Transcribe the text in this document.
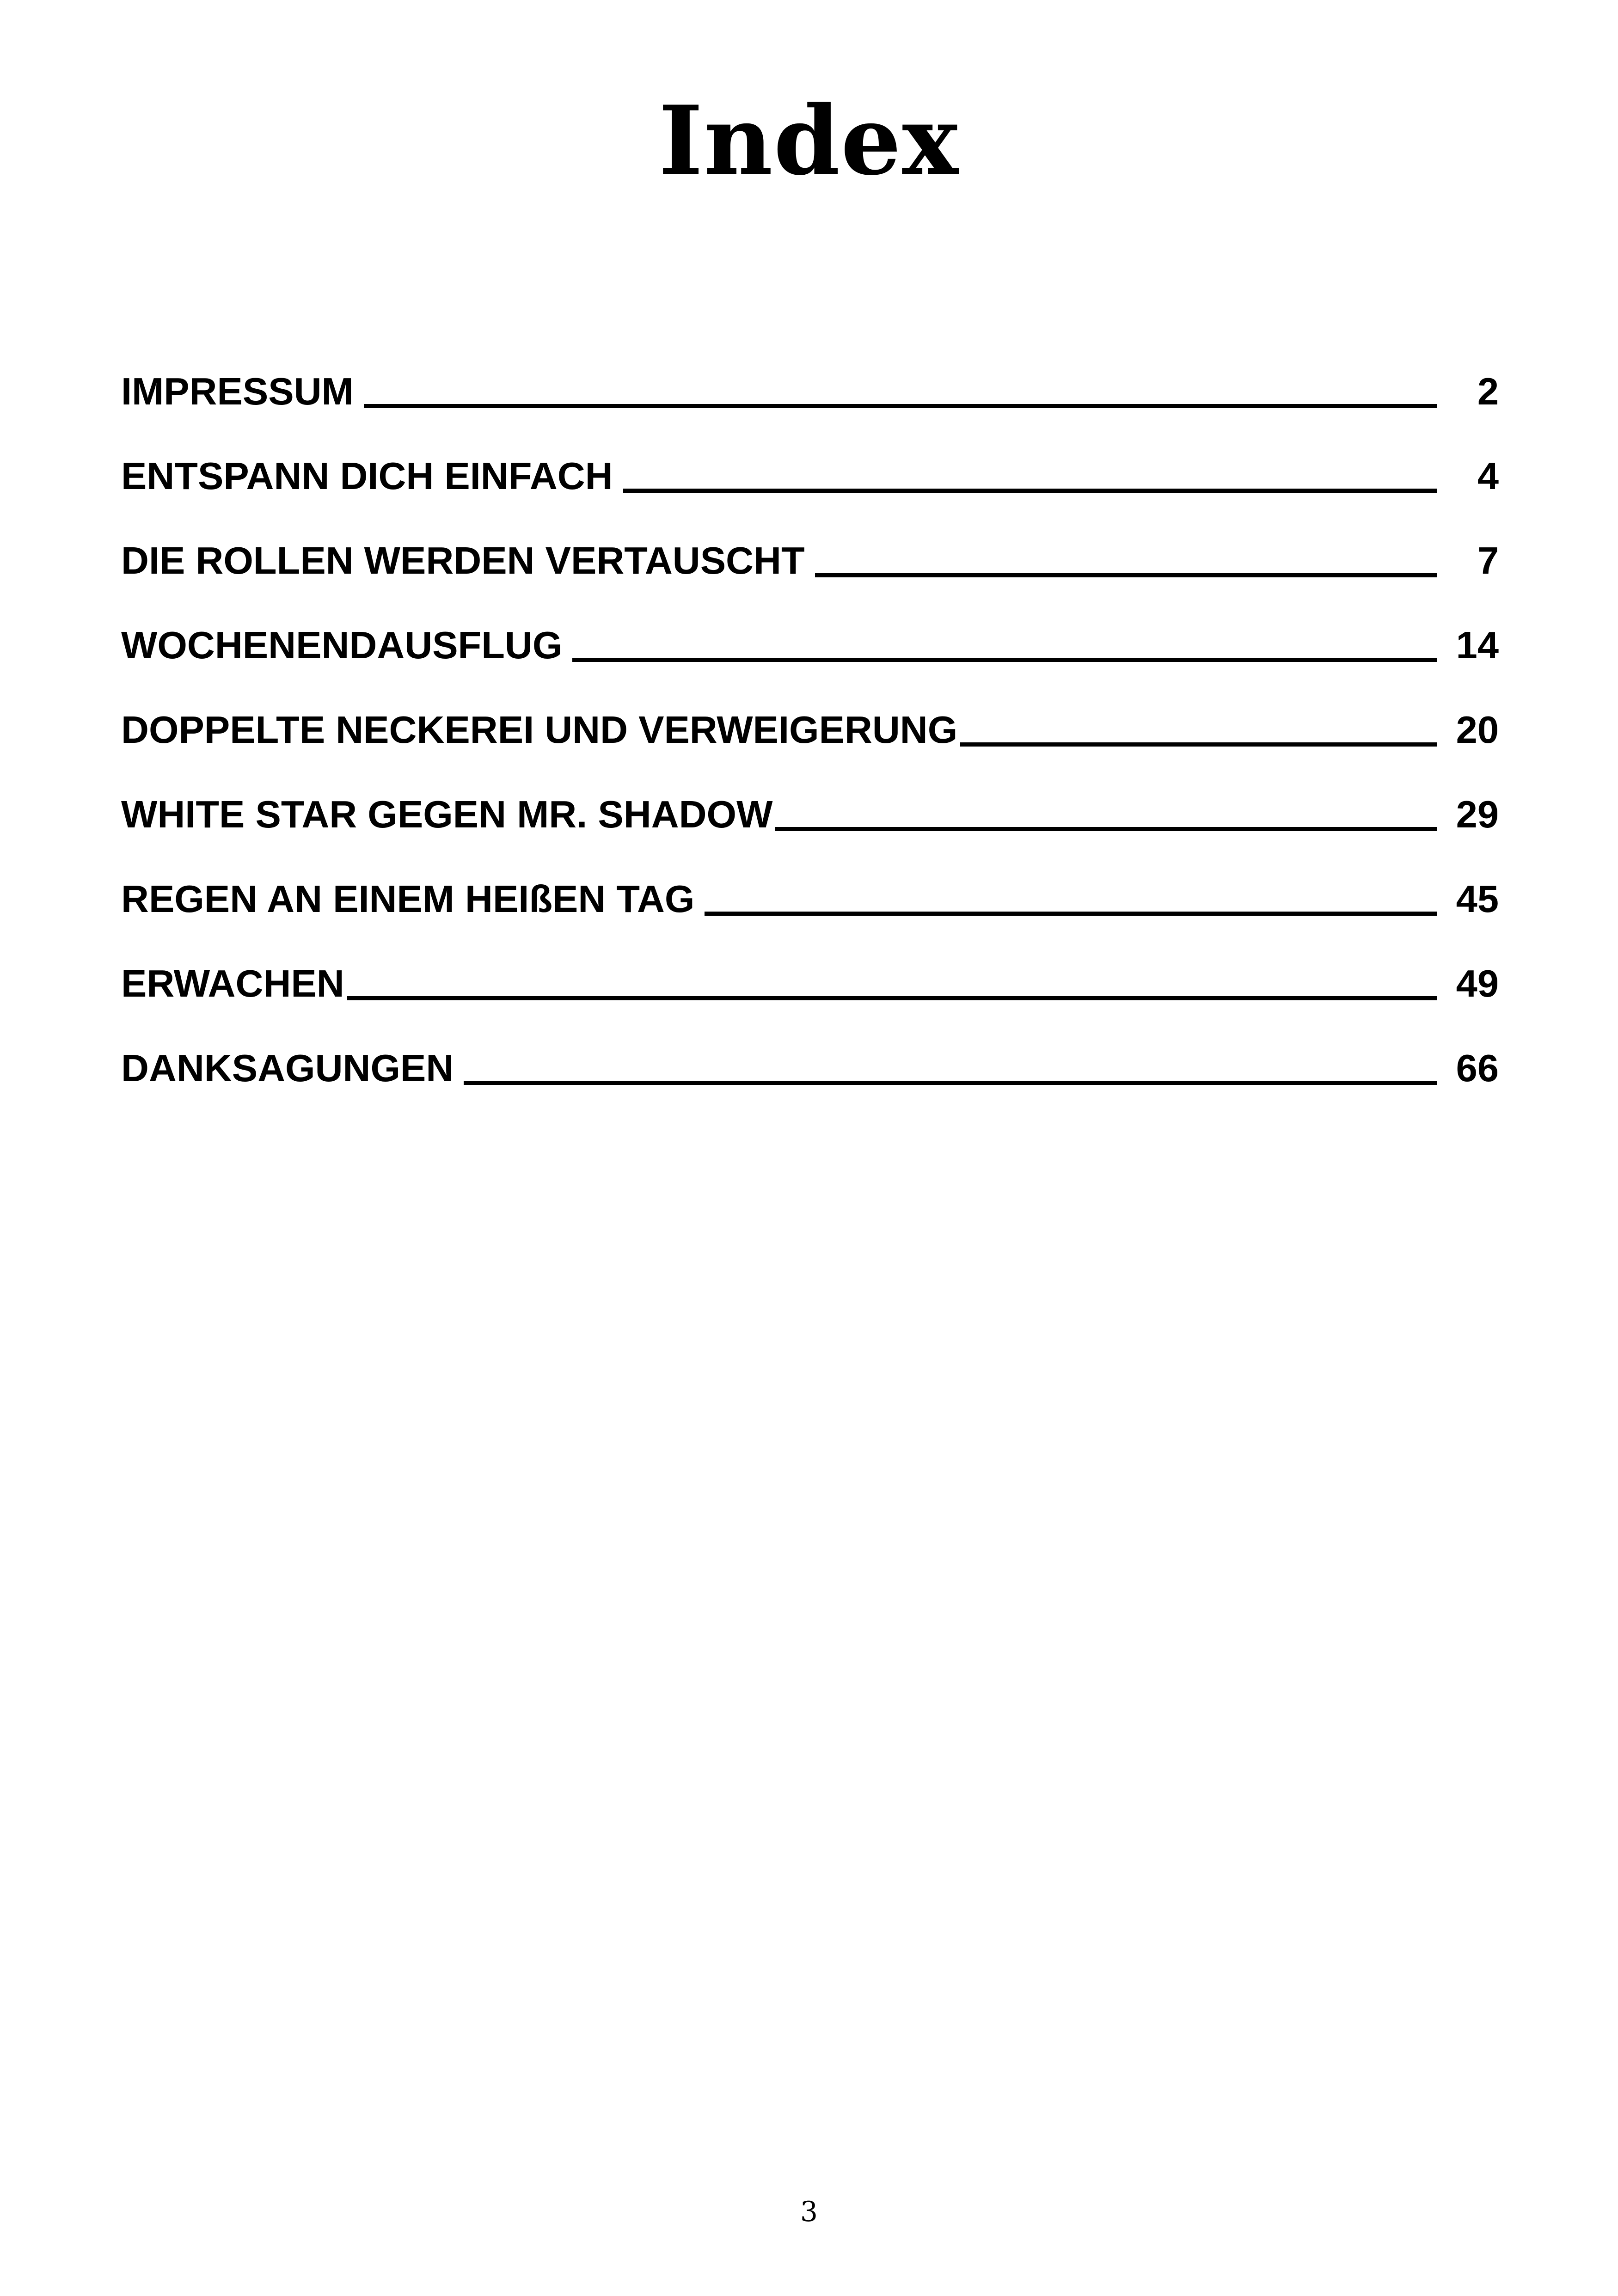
Index
IMPRESSUM	2
ENTSPANN DICH EINFACH	4
DIE ROLLEN WERDEN VERTAUSCHT	7
WOCHENENDAUSFLUG	14
DOPPELTE NECKEREI UND VERWEIGERUNG	20
WHITE STAR GEGEN MR. SHADOW	29
REGEN AN EINEM HEIßEN TAG	45
ERWACHEN	49
DANKSAGUNGEN	66
3
